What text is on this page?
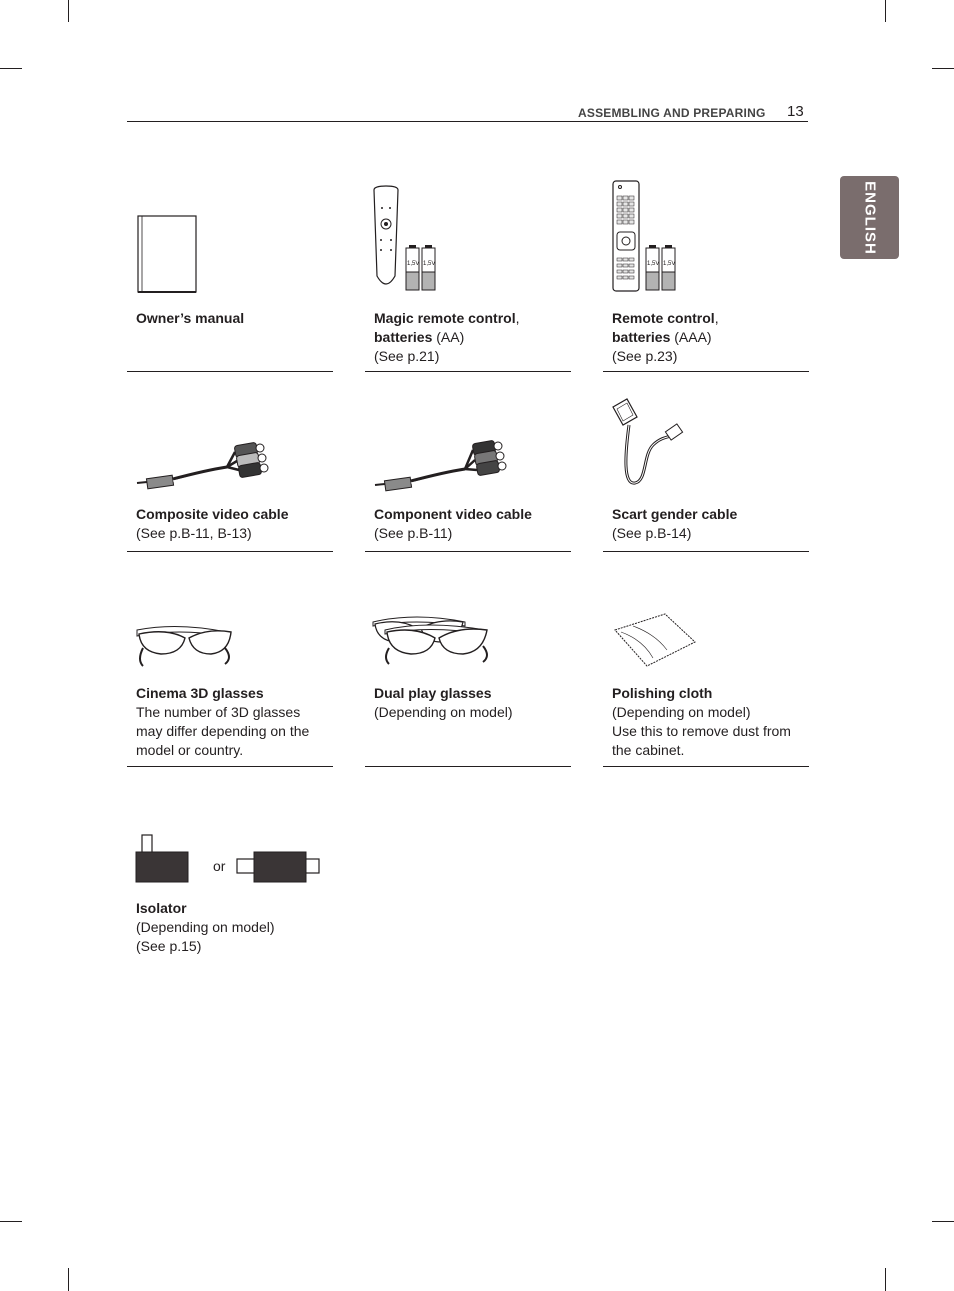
ASSEMBLING AND PREPARING 13
ENGLISH
Owner’s manual
1,5V 1,5V
Magic remote control,
batteries (AA)
(See p.21)
1,5V 1,5V
Remote control,
batteries (AAA)
(See p.23)
Composite video cable
(See p.B-11, B-13)
Component video cable
(See p.B-11)
Scart gender cable
(See p.B-14)
Cinema 3D glasses
The number of 3D glasses
may differ depending on the
model or country.
Dual play glasses
(Depending on model)
Polishing cloth
(Depending on model)
Use this to remove dust from
the cabinet.
or
Isolator
(Depending on model)
(See p.15)
